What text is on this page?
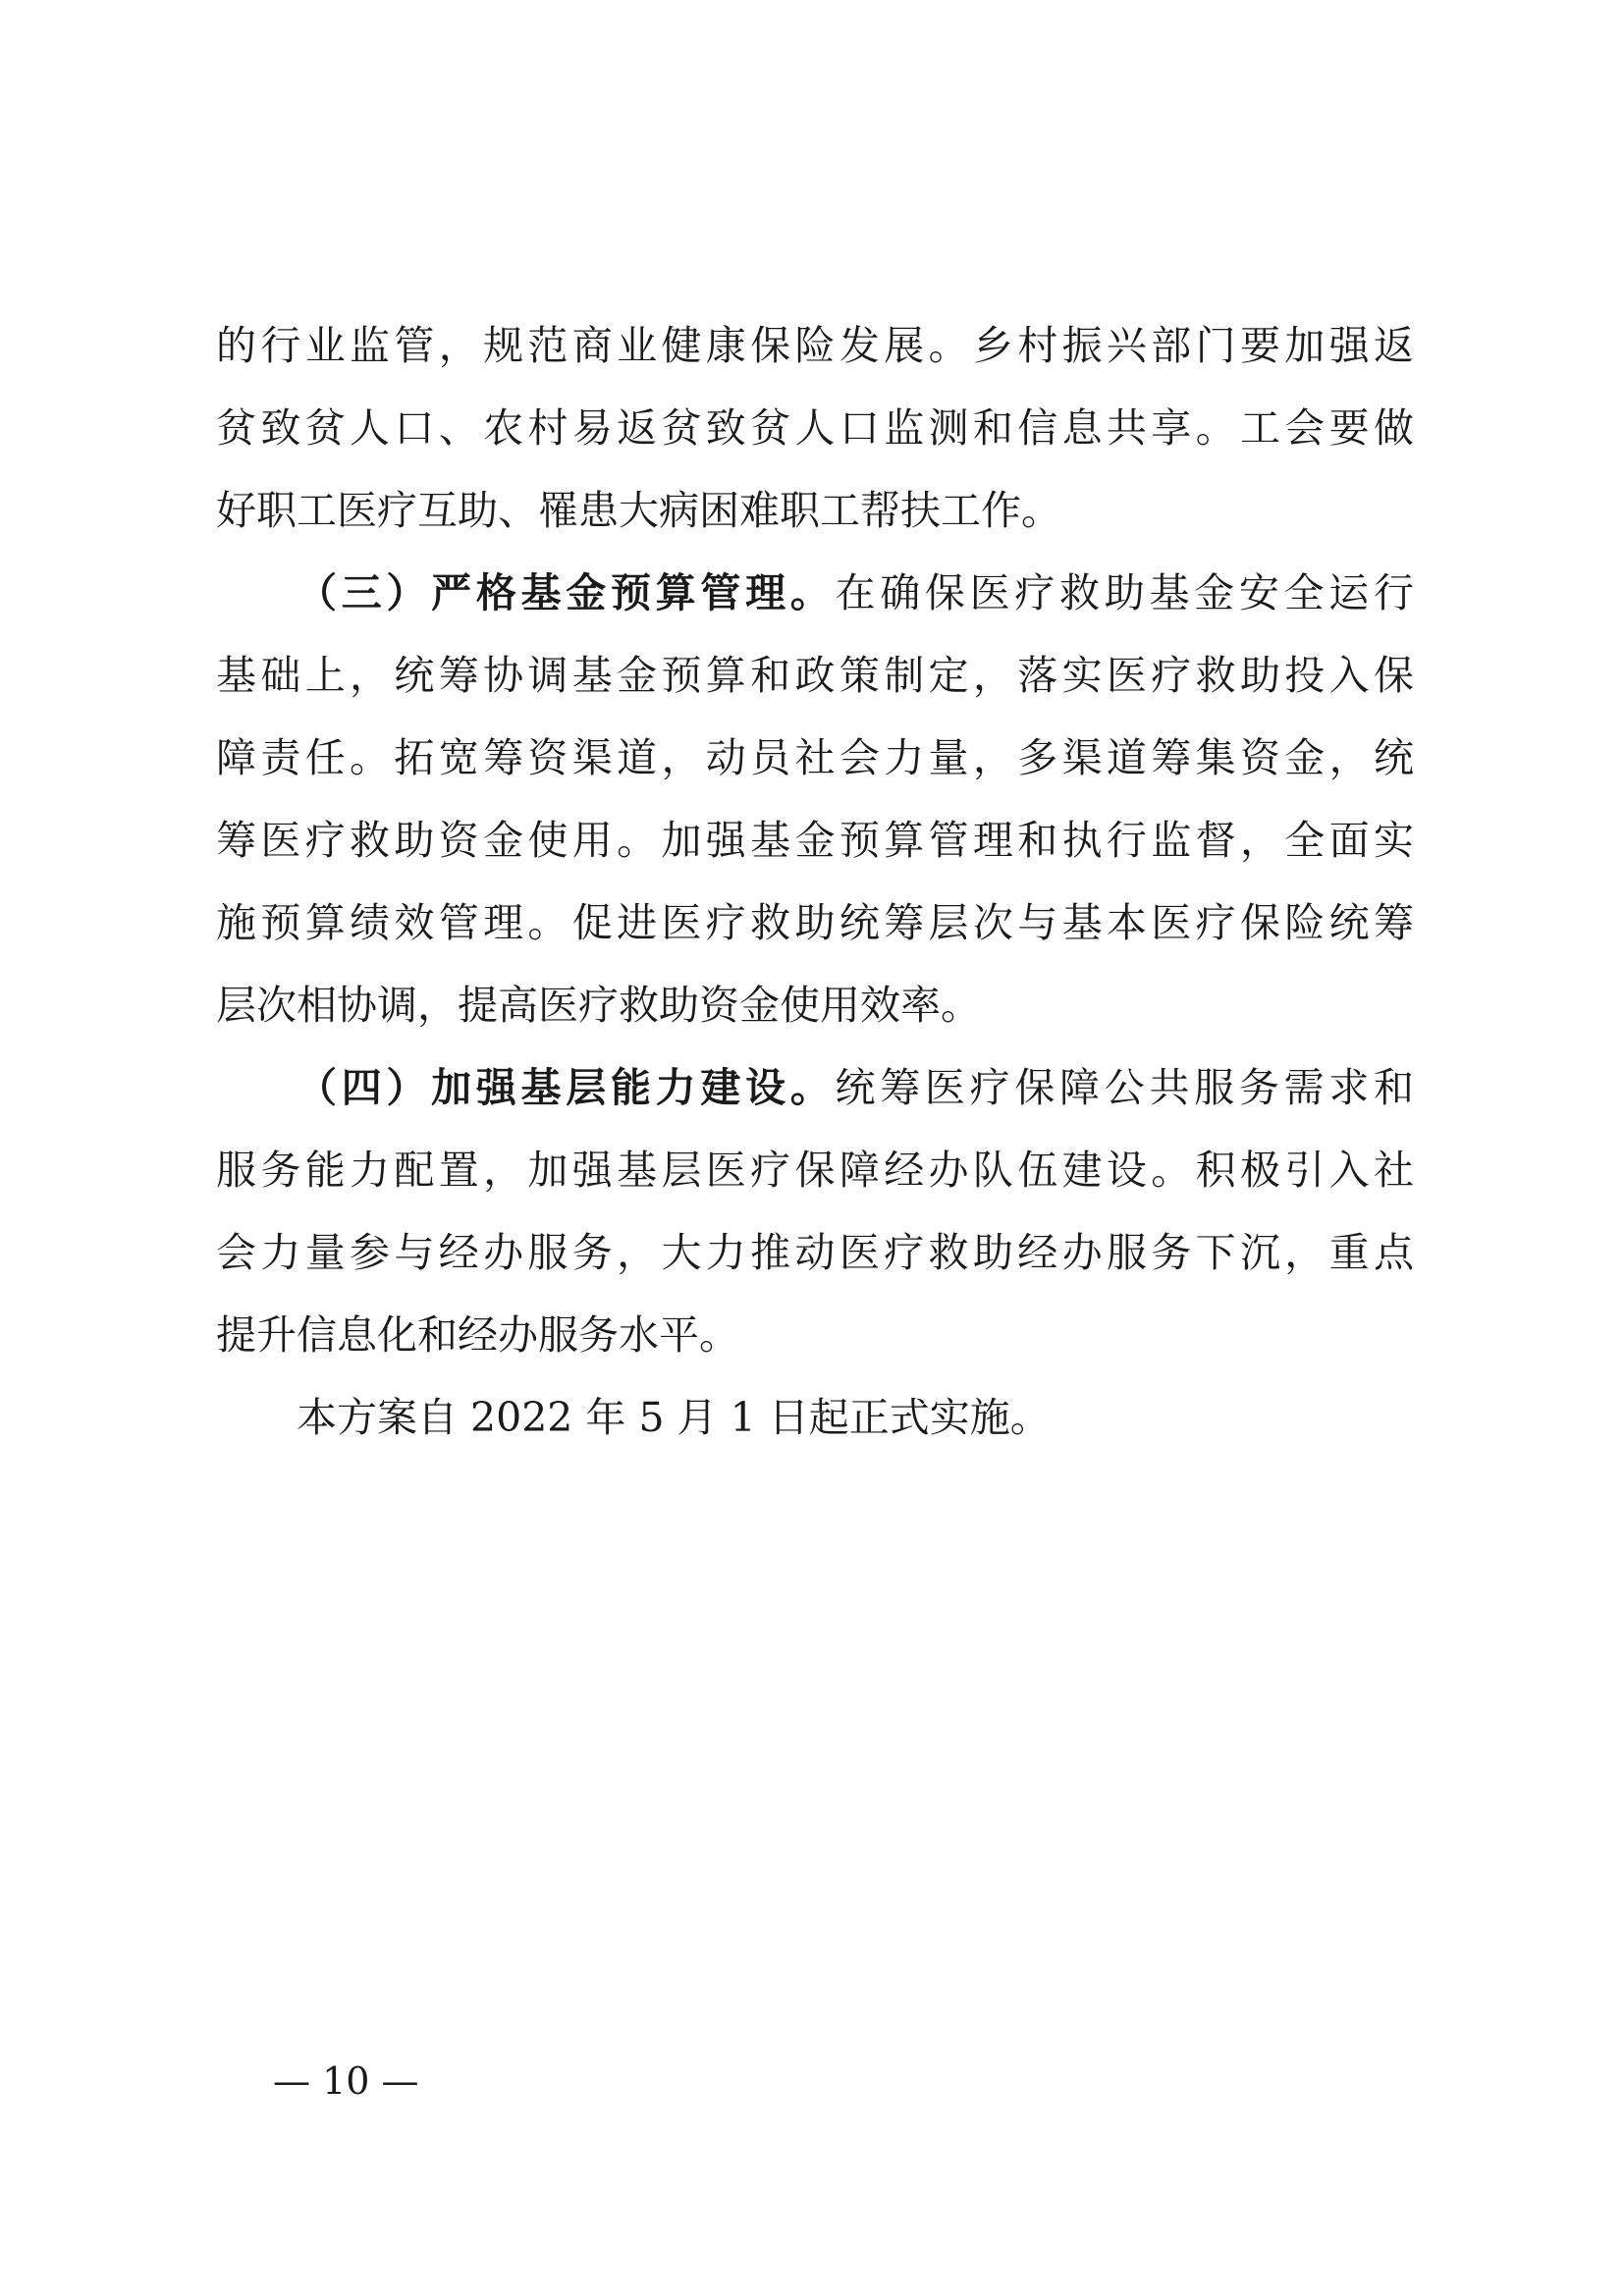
的行业监管，规范商业健康保险发展。乡村振兴部门要加强返
贫致贫人口、农村易返贫致贫人口监测和信息共享。工会要做
好职工医疗互助、罹患大病困难职工帮扶工作。
（三）严格基金预算管理。在确保医疗救助基金安全运行
基础上，统筹协调基金预算和政策制定，落实医疗救助投入保
障责任。拓宽筹资渠道，动员社会力量，多渠道筹集资金，统
筹医疗救助资金使用。加强基金预算管理和执行监督，全面实
施预算绩效管理。促进医疗救助统筹层次与基本医疗保险统筹
层次相协调，提高医疗救助资金使用效率。
（四）加强基层能力建设。统筹医疗保障公共服务需求和
服务能力配置，加强基层医疗保障经办队伍建设。积极引入社
会力量参与经办服务，大力推动医疗救助经办服务下沉，重点
提升信息化和经办服务水平。
本方案自 2022 年 5 月 1 日起正式实施。
— 10 —
